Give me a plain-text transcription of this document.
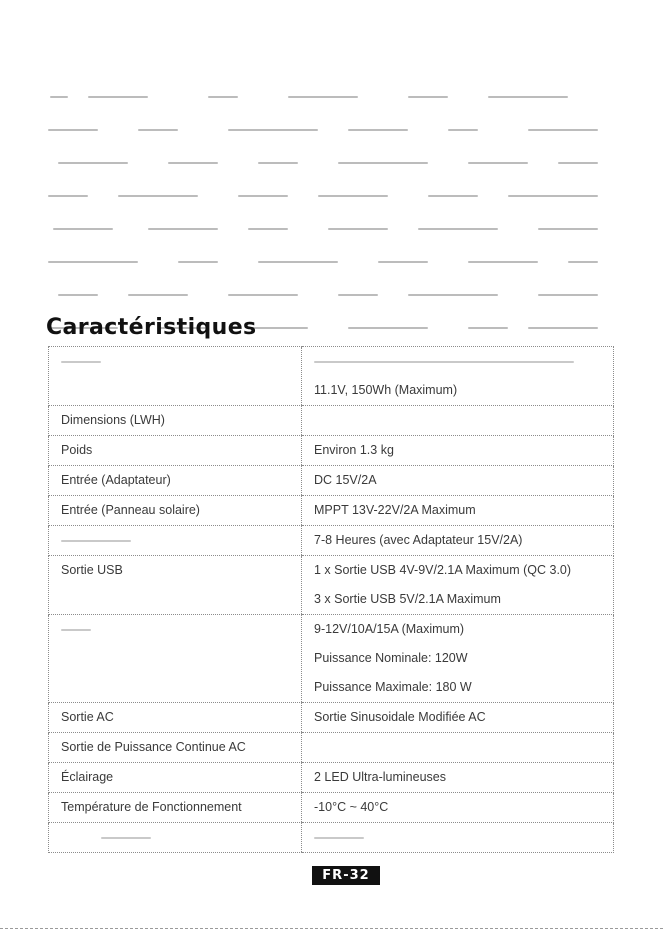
Caractéristiques

	11.1V, 150Wh (Maximum)

Dimensions (LWH)	

Poids	Environ 1.3 kg

Entrée (Adaptateur)	DC 15V/2A

Entrée (Panneau solaire)	MPPT 13V-22V/2A Maximum

	7-8 Heures (avec Adaptateur 15V/2A)

Sortie USB	1 x Sortie USB 4V-9V/2.1A Maximum (QC 3.0)
3 x Sortie USB 5V/2.1A Maximum

	9-12V/10A/15A (Maximum)
Puissance Nominale: 120W
Puissance Maximale: 180 W

Sortie AC	Sortie Sinusoidale Modifiée AC

Sortie de Puissance Continue AC	

Éclairage	2 LED Ultra-lumineuses

Température de Fonctionnement	-10°C ~ 40°C

FR-32
